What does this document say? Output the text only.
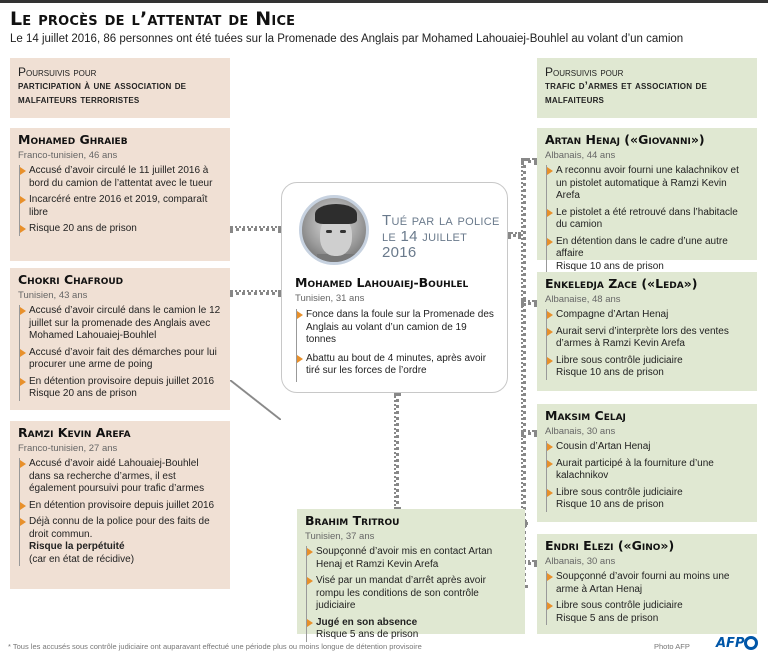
Le procès de l’attentat de Nice
Le 14 juillet 2016, 86 personnes ont été tuées sur la Promenade des Anglais par Mohamed Lahouaiej-Bouhlel au volant d’un camion
Poursuivis pour
participation à une association de malfaiteurs terroristes
Poursuivis pour
trafic d’armes et association de malfaiteurs
Mohamed Ghraieb
Franco-tunisien, 46 ans
Accusé d’avoir circulé le 11 juillet 2016 à bord du camion de l’attentat avec le tueur
Incarcéré entre 2016 et 2019, comparaît libre
Risque 20 ans de prison
Chokri Chafroud
Tunisien, 43 ans
Accusé d’avoir circulé dans le camion le 12 juillet sur la promenade des Anglais avec Mohamed Lahouaiej-Bouhlel
Accusé d’avoir fait des démarches pour lui procurer une arme de poing
En détention provisoire depuis juillet 2016
Risque 20 ans de prison
Ramzi Kevin Arefa
Franco-tunisien, 27 ans
Accusé d’avoir aidé Lahouaiej-Bouhlel dans sa recherche d’armes, il est également poursuivi pour trafic d’armes
En détention provisoire depuis juillet 2016
Déjà connu de la police pour des faits de droit commun.
Risque la perpétuité
(car en état de récidive)
Tué par la police le 14 juillet 2016
Mohamed Lahouaiej-Bouhlel
Tunisien, 31 ans
Fonce dans la foule sur la Promenade des Anglais au volant d’un camion de 19 tonnes
Abattu au bout de 4 minutes, après avoir tiré sur les forces de l’ordre
Brahim Tritrou
Tunisien, 37 ans
Soupçonné d’avoir mis en contact Artan Henaj et Ramzi Kevin Arefa
Visé par un mandat d’arrêt après avoir rompu les conditions de son contrôle judiciaire
Jugé en son absence
Risque 5 ans de prison
Artan Henaj («Giovanni»)
Albanais, 44 ans
A reconnu avoir fourni une kalachnikov et un pistolet automatique à Ramzi Kevin Arefa
Le pistolet a été retrouvé dans l’habitacle du camion
En détention dans le cadre d’une autre affaire
Risque 10 ans de prison
Enkeledja Zace («Leda»)
Albanaise, 48 ans
Compagne d’Artan Henaj
Aurait servi d’interprète lors des ventes d’armes à Ramzi Kevin Arefa
Libre sous contrôle judiciaire
Risque 10 ans de prison
Maksim Celaj
Albanais, 30 ans
Cousin d’Artan Henaj
Aurait participé à la fourniture d’une kalachnikov
Libre sous contrôle judiciaire
Risque 10 ans de prison
Endri Elezi («Gino»)
Albanais, 30 ans
Soupçonné d’avoir fourni au moins une arme à Artan Henaj
Libre sous contrôle judiciaire
Risque 5 ans de prison
* Tous les accusés sous contrôle judiciaire ont auparavant effectué une période plus ou moins longue de détention provisoire	Photo AFP AFP
